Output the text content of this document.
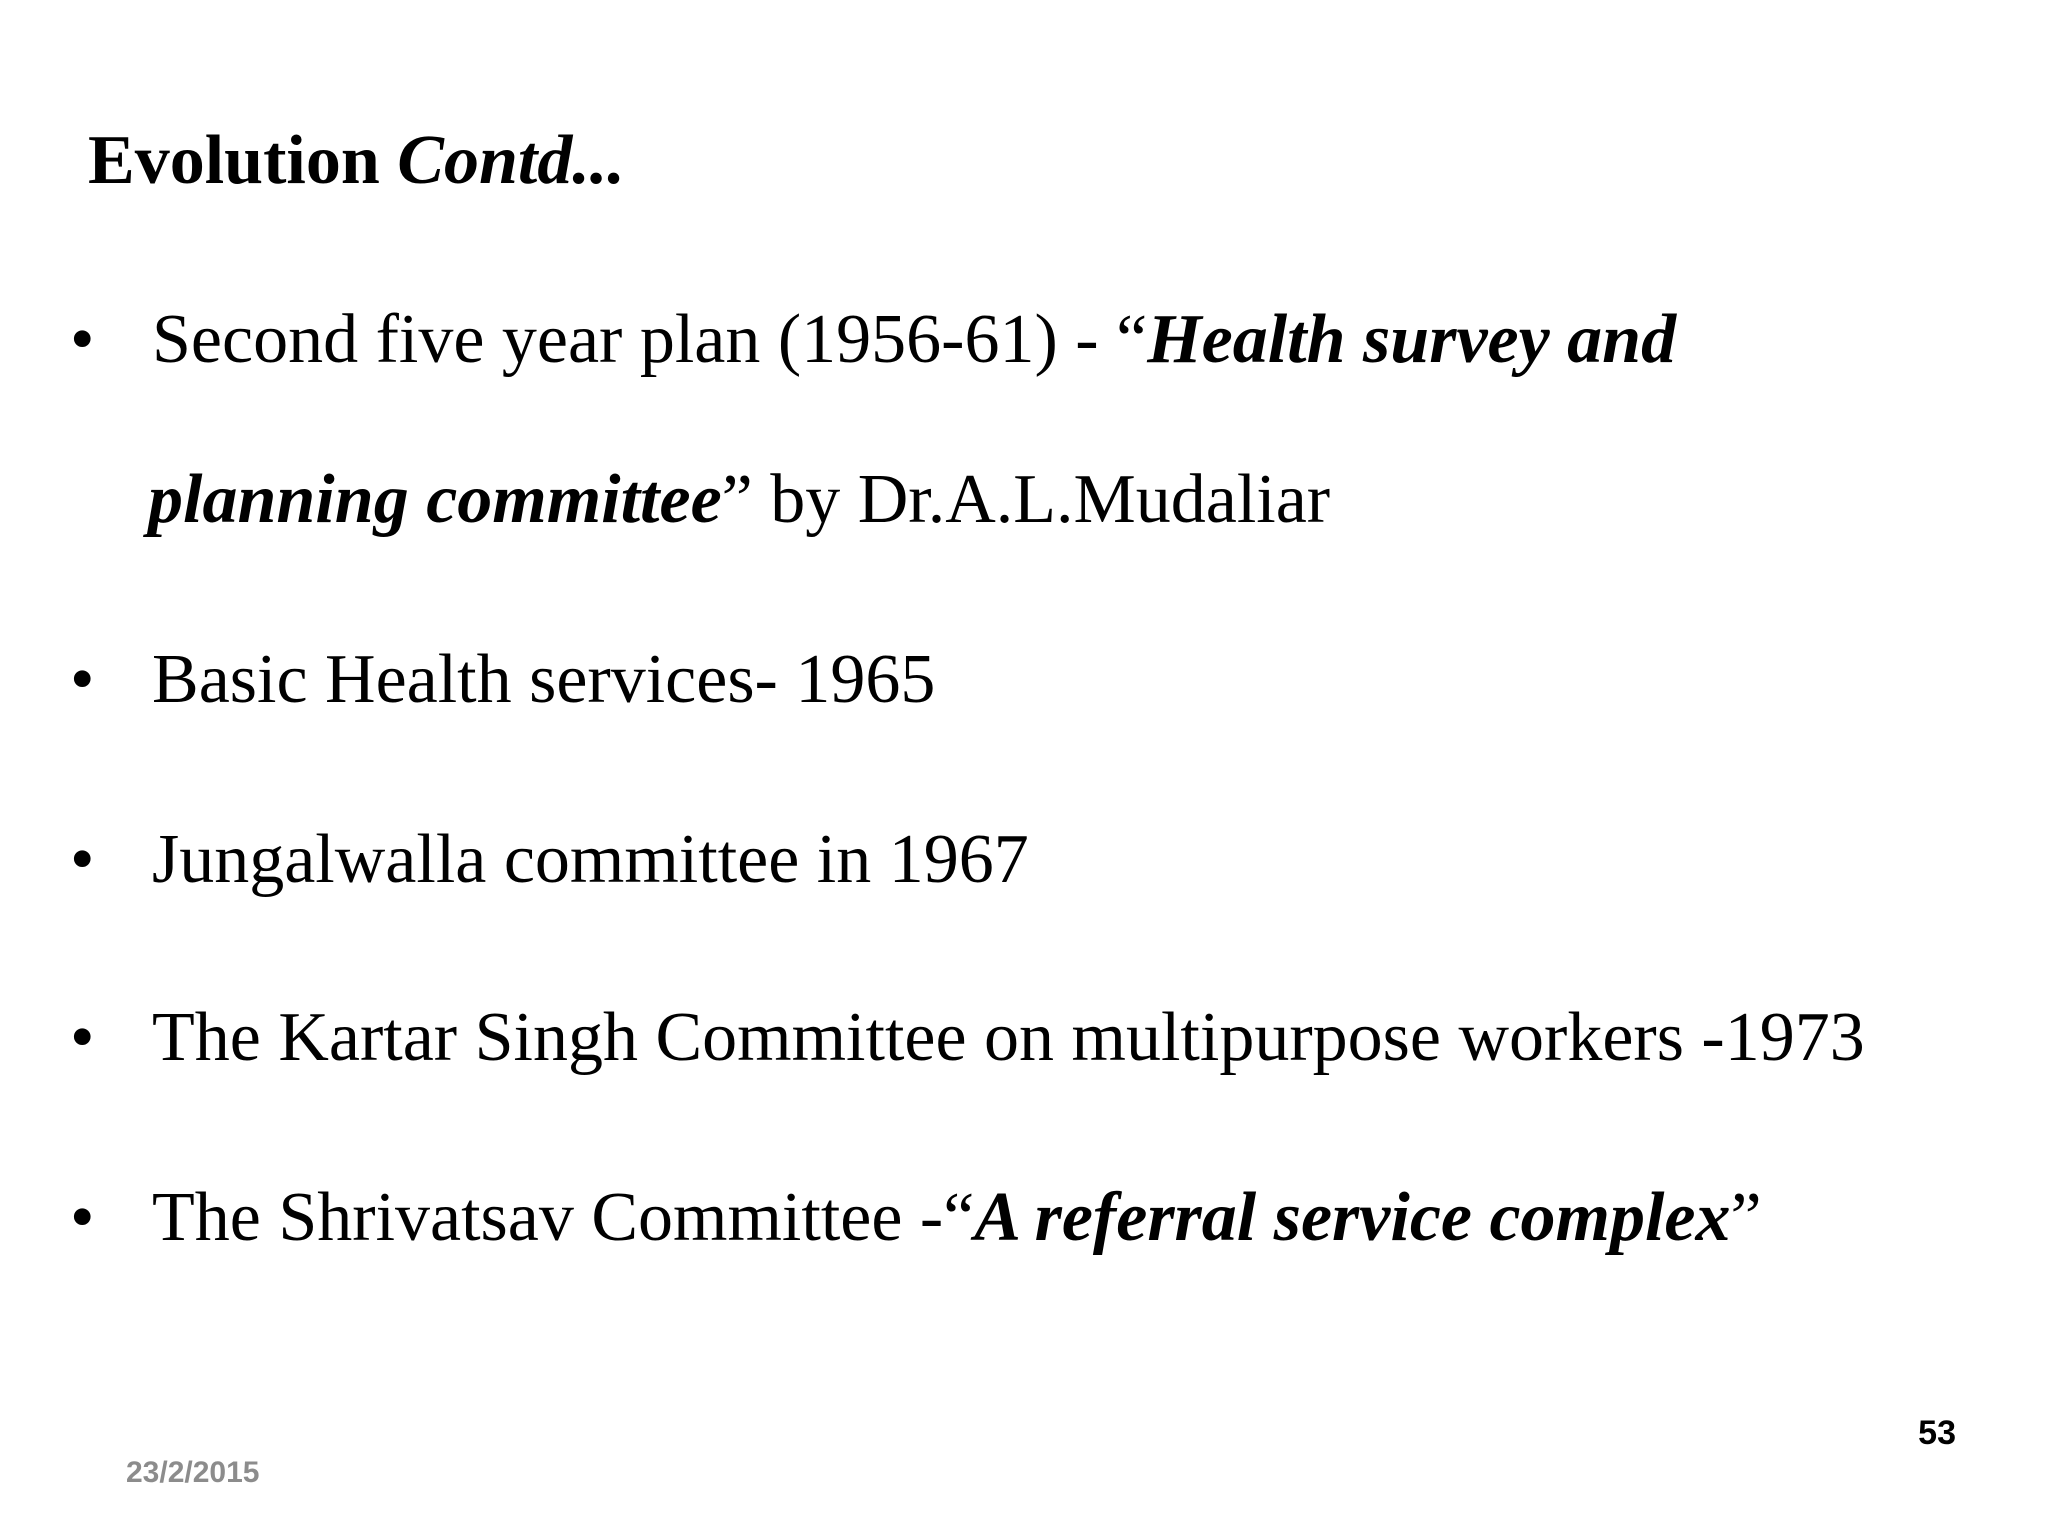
Evolution Contd...
• Second five year plan (1956-61) - “Health survey and
planning committee” by Dr.A.L.Mudaliar
• Basic Health services- 1965
• Jungalwalla committee in 1967
• The Kartar Singh Committee on multipurpose workers -1973
• The Shrivatsav Committee -“A referral service complex”
23/2/2015
53
